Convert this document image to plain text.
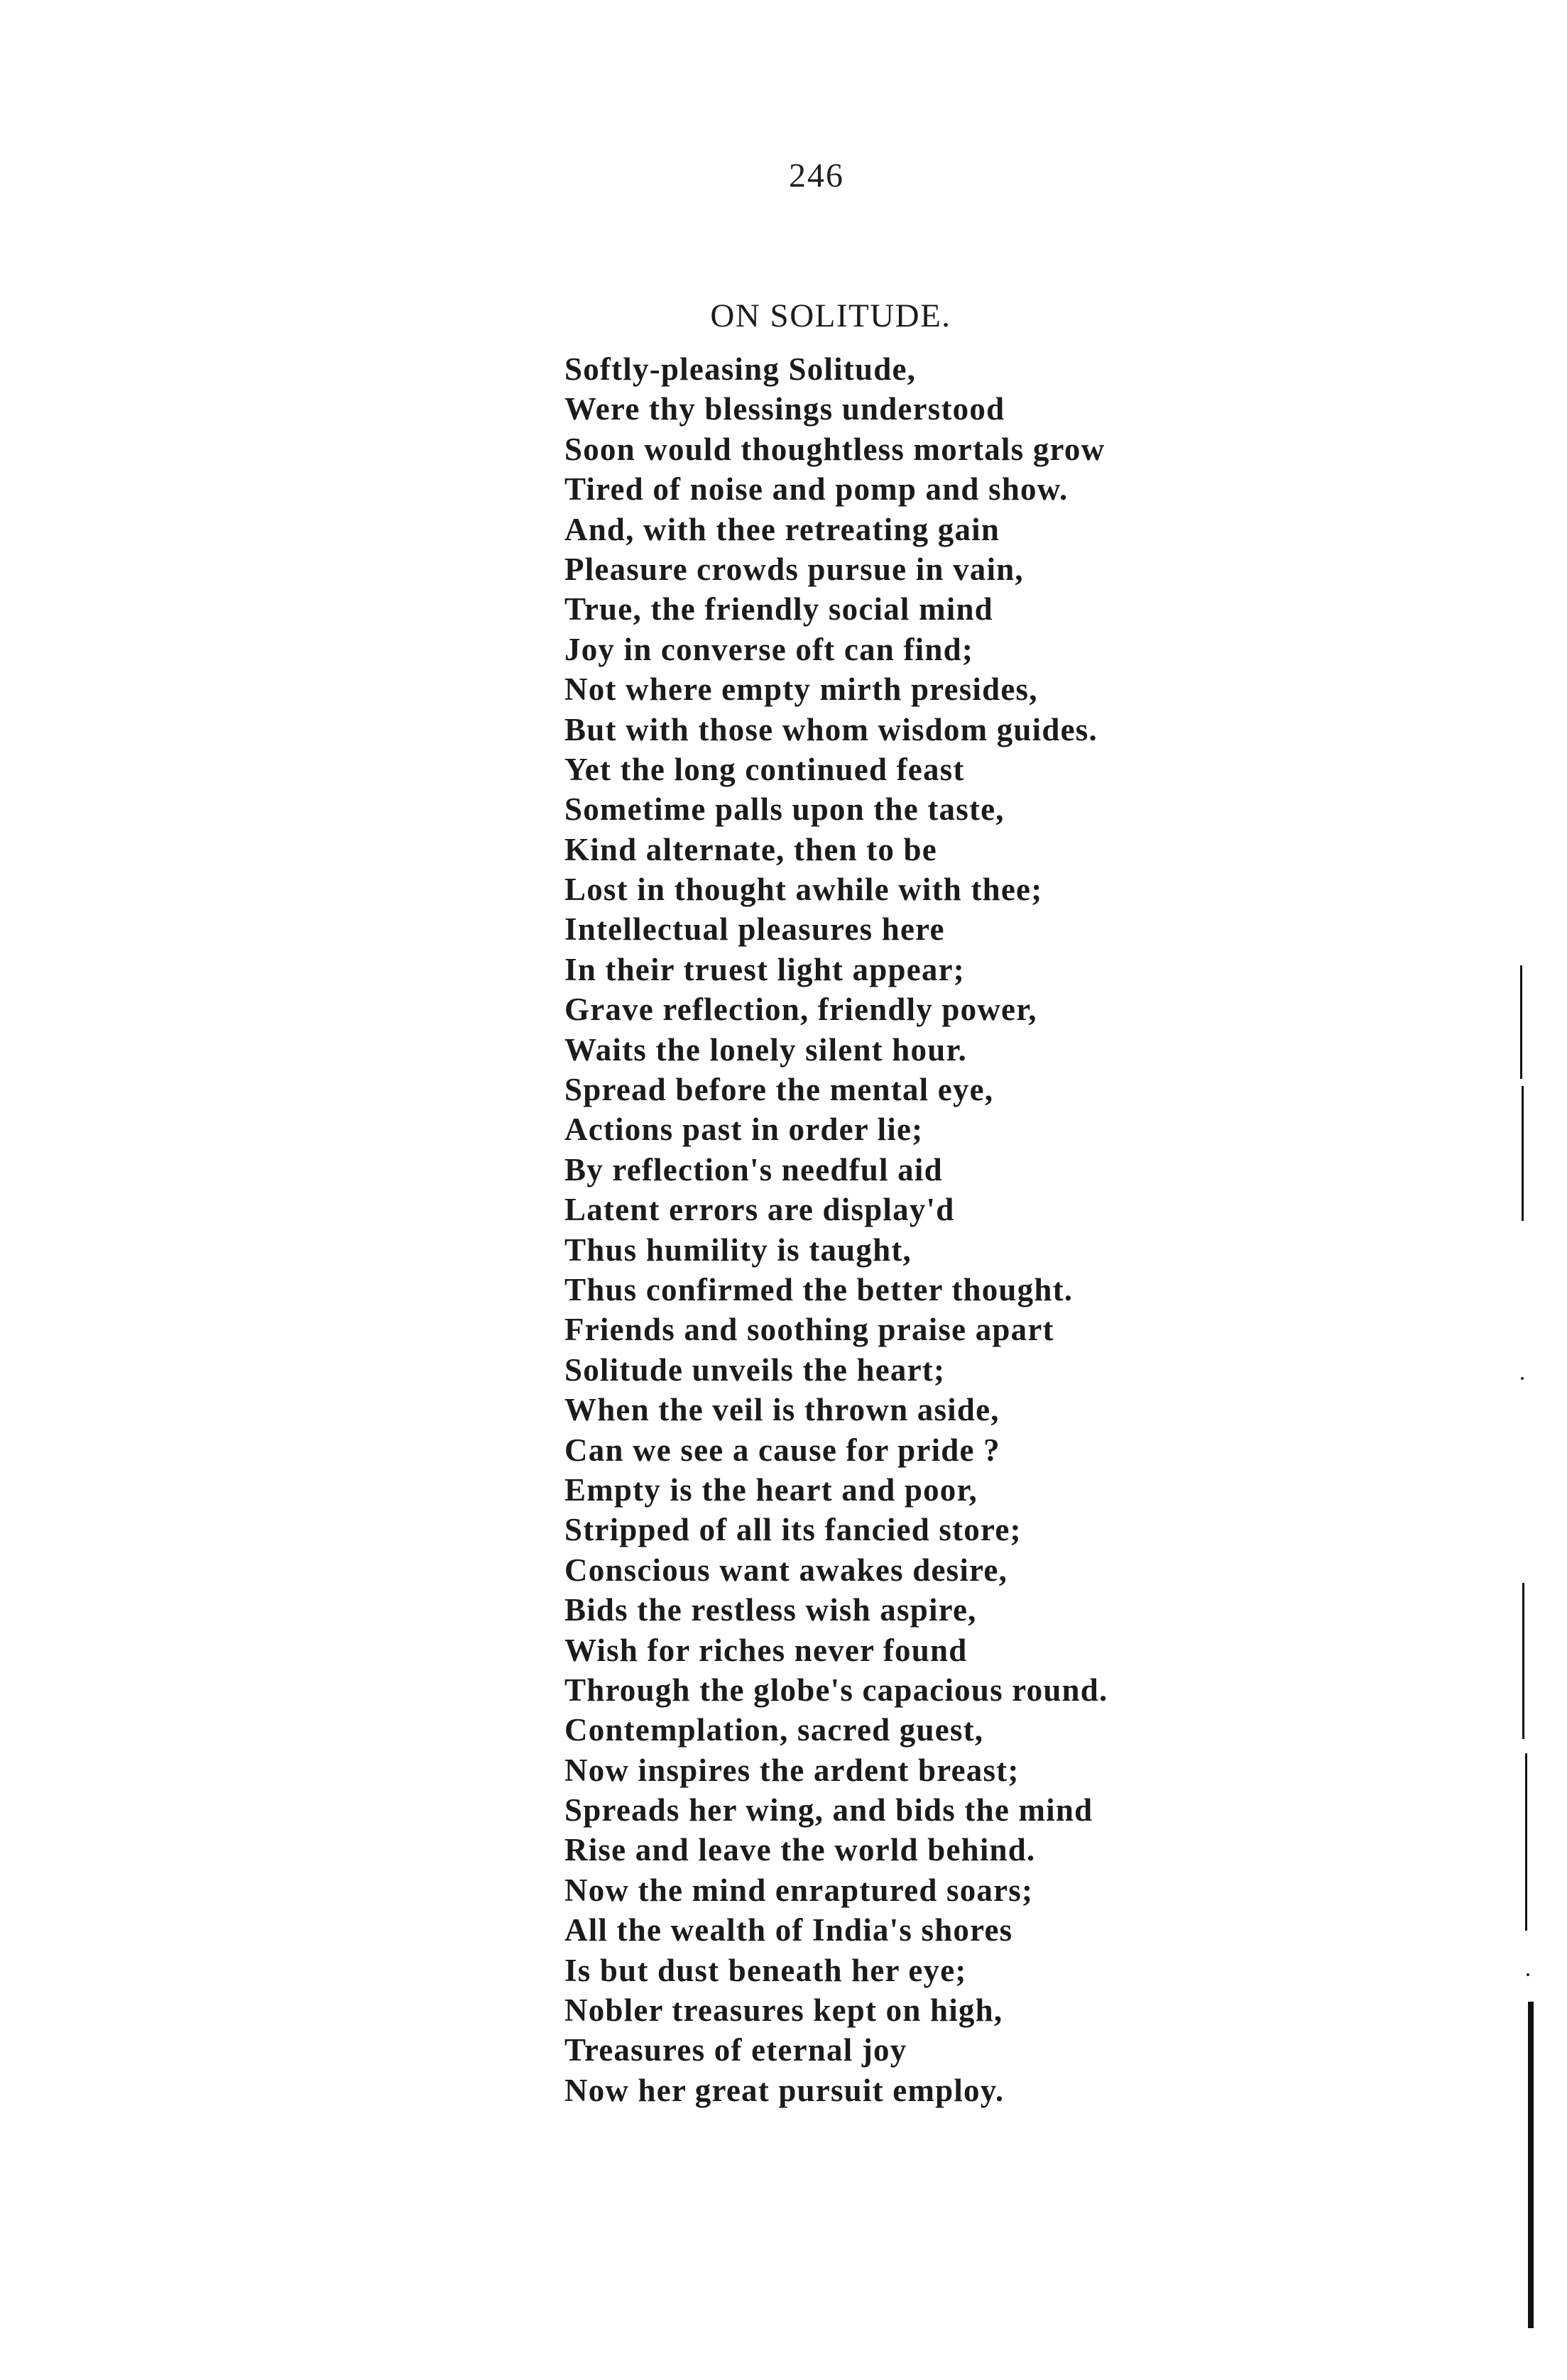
246
ON SOLITUDE.
Softly-pleasing Solitude,
Were thy blessings understood
Soon would thoughtless mortals grow
Tired of noise and pomp and show.
And, with thee retreating gain
Pleasure crowds pursue in vain,
True, the friendly social mind
Joy in converse oft can find;
Not where empty mirth presides,
But with those whom wisdom guides.
Yet the long continued feast
Sometime palls upon the taste,
Kind alternate, then to be
Lost in thought awhile with thee;
Intellectual pleasures here
In their truest light appear;
Grave reflection, friendly power,
Waits the lonely silent hour.
Spread before the mental eye,
Actions past in order lie;
By reflection's needful aid
Latent errors are display'd
Thus humility is taught,
Thus confirmed the better thought.
Friends and soothing praise apart
Solitude unveils the heart;
When the veil is thrown aside,
Can we see a cause for pride ?
Empty is the heart and poor,
Stripped of all its fancied store;
Conscious want awakes desire,
Bids the restless wish aspire,
Wish for riches never found
Through the globe's capacious round.
Contemplation, sacred guest,
Now inspires the ardent breast;
Spreads her wing, and bids the mind
Rise and leave the world behind.
Now the mind enraptured soars;
All the wealth of India's shores
Is but dust beneath her eye;
Nobler treasures kept on high,
Treasures of eternal joy
Now her great pursuit employ.
